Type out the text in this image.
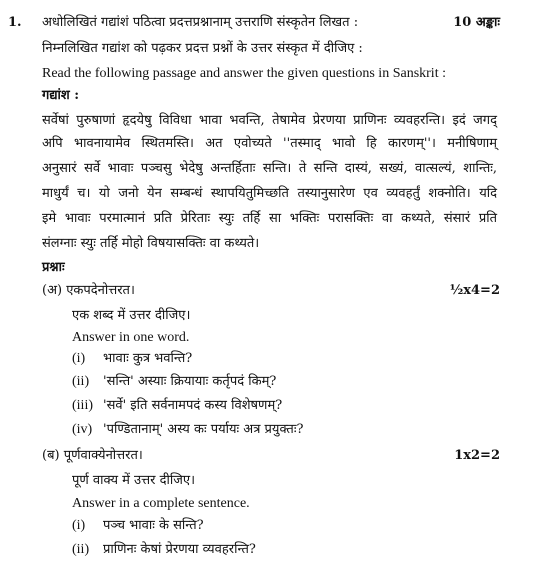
1. अधोलिखितं गद्यांशं पठित्वा प्रदत्तप्रश्नानाम् उत्तराणि संस्कृतेन लिखत :	10 अङ्काः
निम्नलिखित गद्यांश को पढ़कर प्रदत्त प्रश्नों के उत्तर संस्कृत में दीजिए :
Read the following passage and answer the given questions in Sanskrit :
गद्यांश :
सर्वेषां पुरुषाणां हृदयेषु विविधा भावा भवन्ति, तेषामेव प्रेरणया प्राणिनः व्यवहरन्ति। इदं जगद्
अपि भावनायामेव स्थितमस्ति। अत एवोच्यते ''तस्माद् भावो हि कारणम्''। मनीषिणाम्
अनुसारं सर्वे भावाः पञ्चसु भेदेषु अन्तर्हिताः सन्ति। ते सन्ति दास्यं, सख्यं, वात्सल्यं, शान्तिः,
माधुर्यं च। यो जनो येन सम्बन्धं स्थापयितुमिच्छति तस्यानुसारेण एव व्यवहर्तुं शक्नोति। यदि
इमे भावाः परमात्मानं प्रति प्रेरिताः स्युः तर्हि सा भक्तिः परासक्तिः वा कथ्यते, संसारं प्रति
संलग्नाः स्युः तर्हि मोहो विषयासक्तिः वा कथ्यते।
प्रश्नाः
(अ) एकपदेनोत्तरत।	½x4=2
एक शब्द में उत्तर दीजिए।
Answer in one word.
(i) भावाः कुत्र भवन्ति?
(ii) 'सन्ति' अस्याः क्रियायाः कर्तृपदं किम्?
(iii) 'सर्वे' इति सर्वनामपदं कस्य विशेषणम्?
(iv) 'पण्डितानाम्' अस्य कः पर्यायः अत्र प्रयुक्तः?
(ब) पूर्णवाक्येनोत्तरत।	1x2=2
पूर्ण वाक्य में उत्तर दीजिए।
Answer in a complete sentence.
(i) पञ्च भावाः के सन्ति?
(ii) प्राणिनः केषां प्रेरणया व्यवहरन्ति?
